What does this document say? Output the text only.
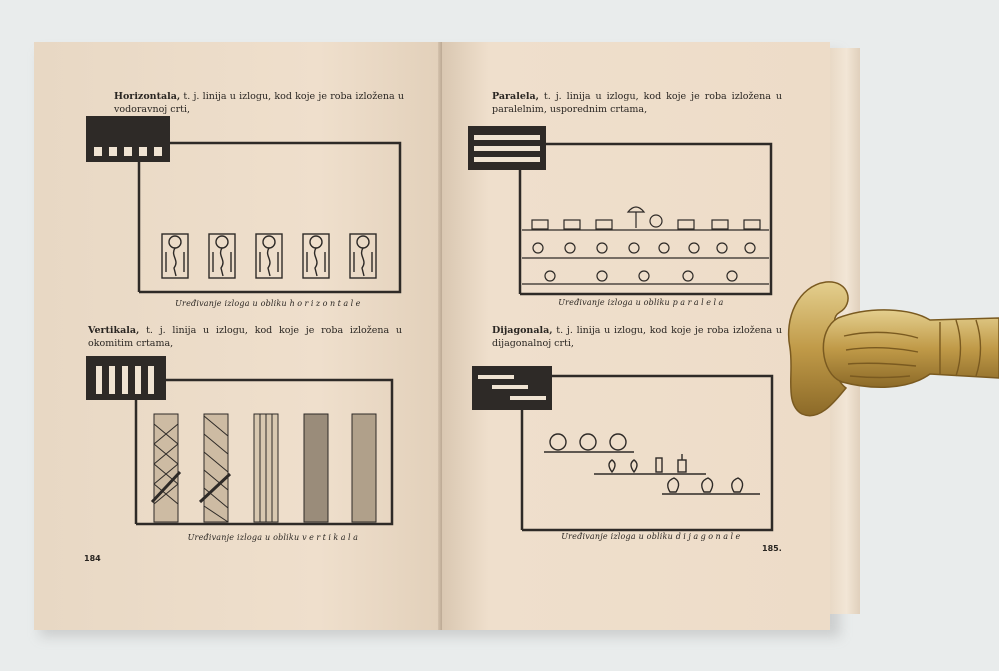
Horizontala, t. j. linija u izlogu, kod koje je roba izložena u vodoravnoj crti,
Uređivanje izloga u obliku horizontale
Vertikala, t. j. linija u izlogu, kod koje je roba izložena u okomitim crtama,
Uređivanje izloga u obliku vertikala
184
Paralela, t. j. linija u izlogu, kod koje je roba izložena u paralelnim, usporednim crtama,
Uređivanje izloga u obliku paralela
Dijagonala, t. j. linija u izlogu, kod koje je roba izložena u dijagonalnoj crti,
Uređivanje izloga u obliku dijagonale
185.
